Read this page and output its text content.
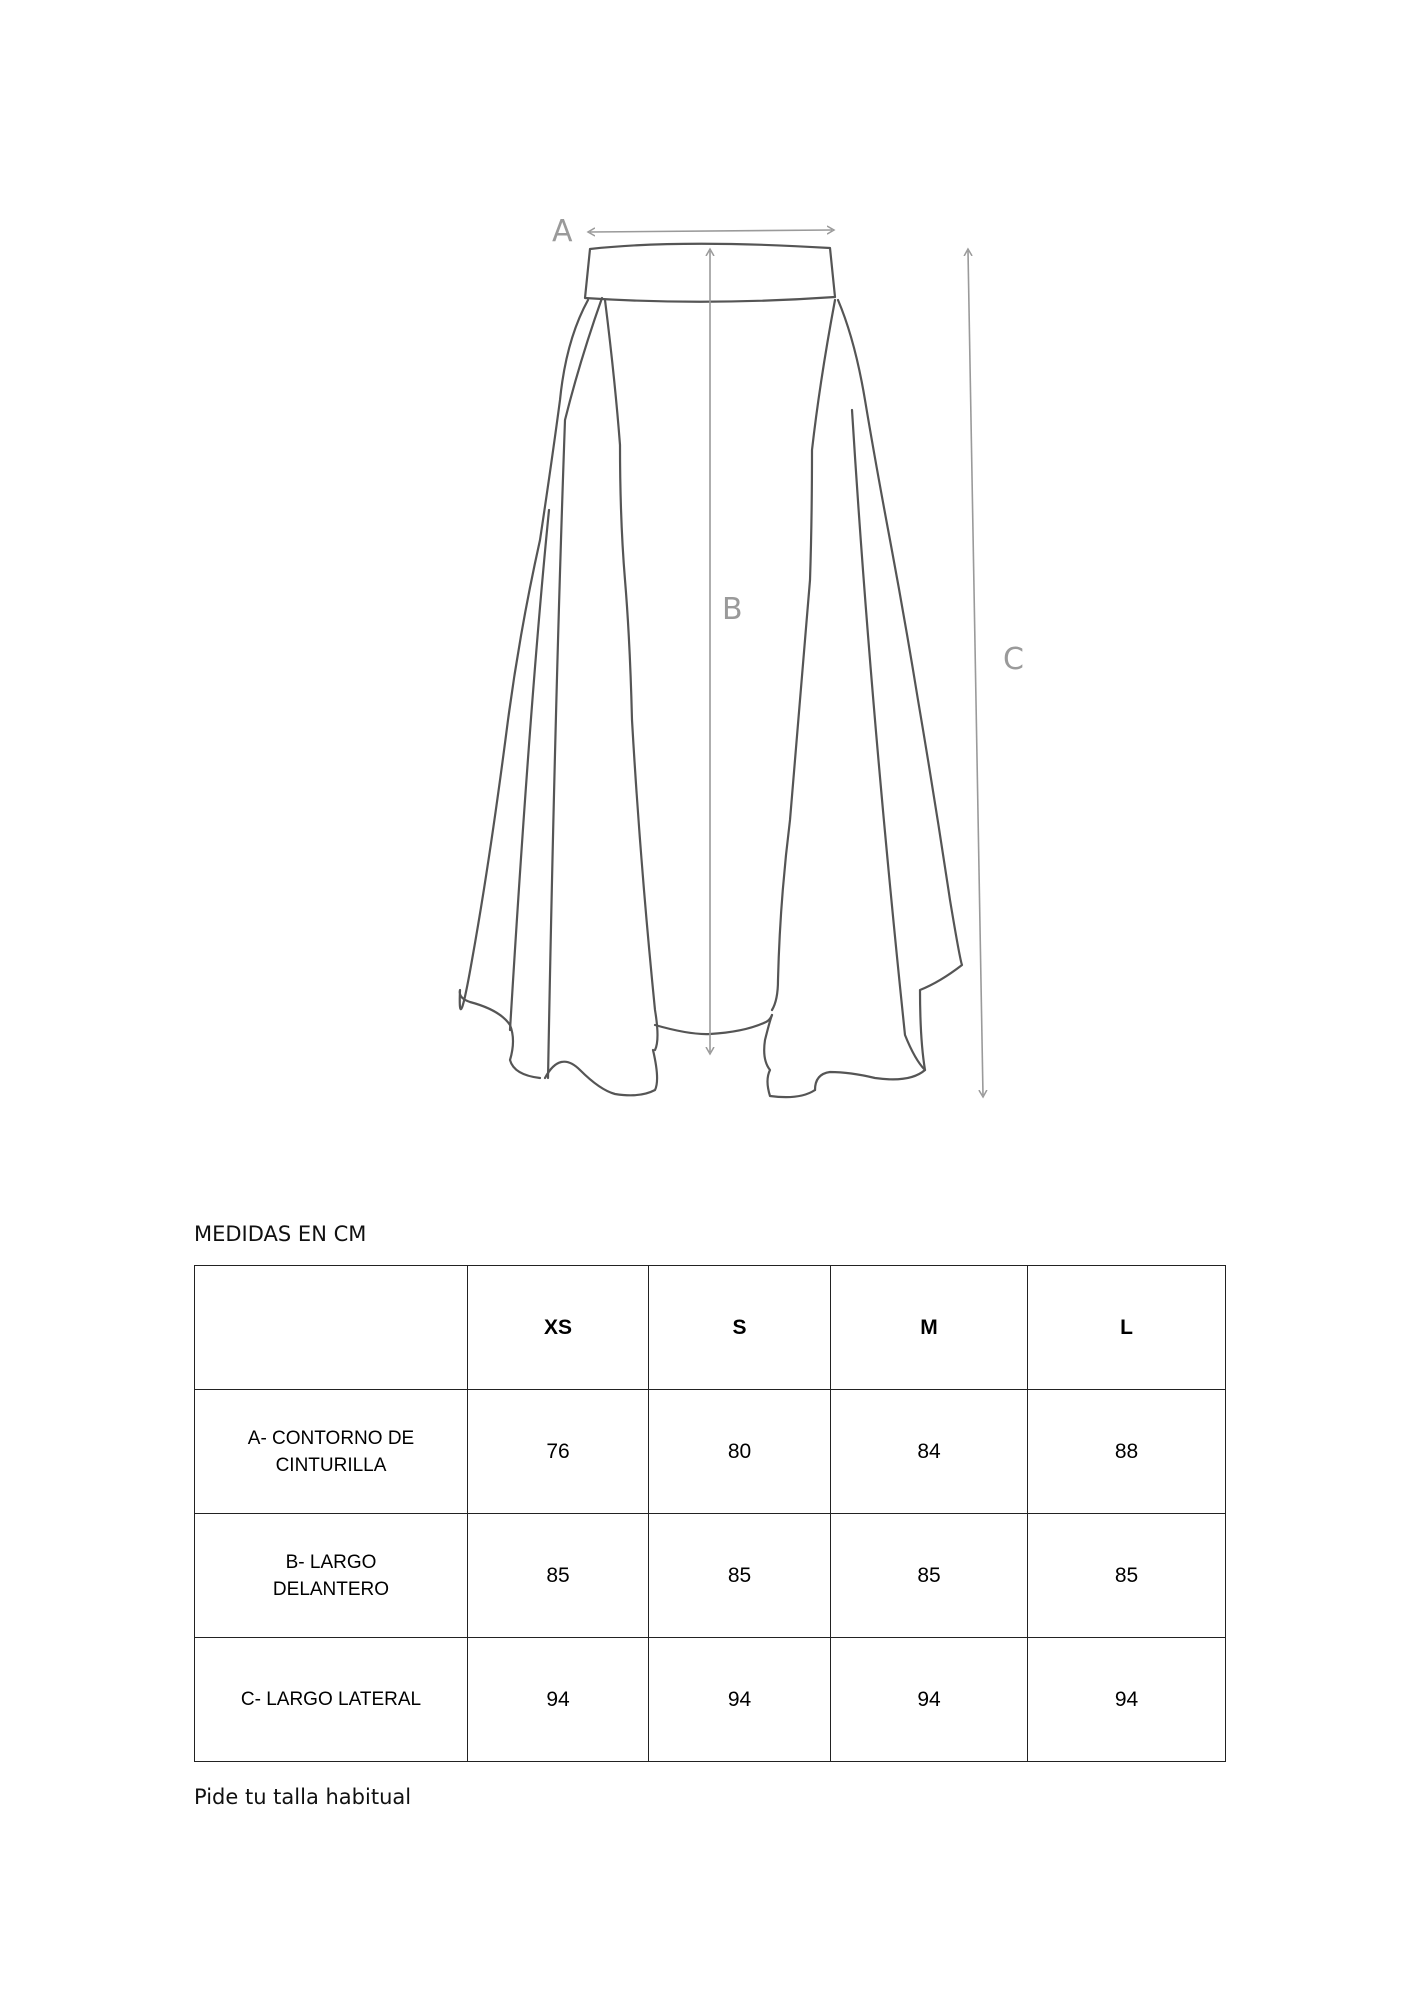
A
B
C
MEDIDAS EN CM
	XS	S	M	L
A- CONTORNO DE
CINTURILLA	76	80	84	88
B- LARGO
DELANTERO	85	85	85	85
C- LARGO LATERAL	94	94	94	94
Pide tu talla habitual
